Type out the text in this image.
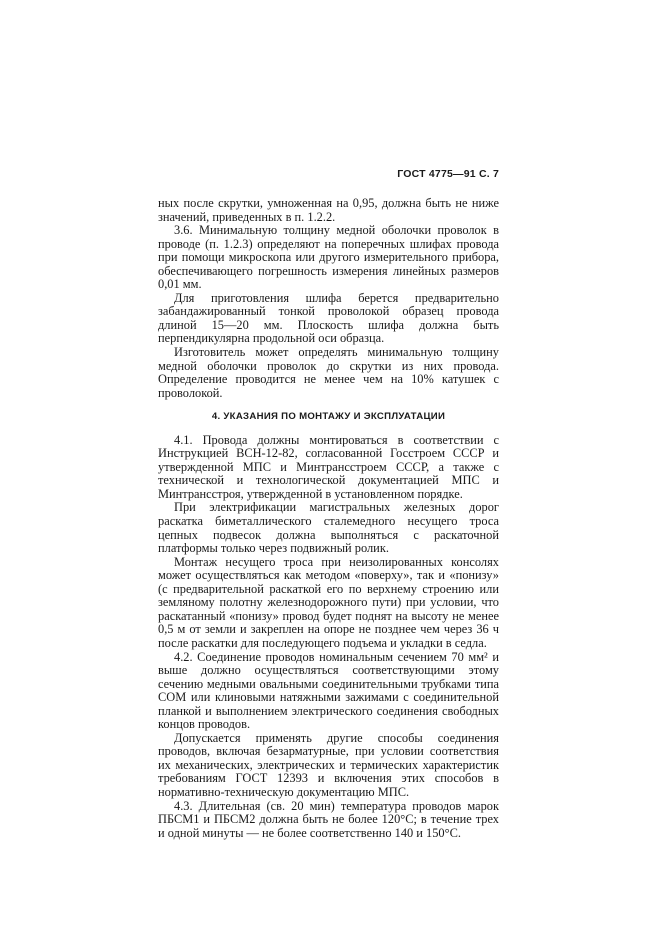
ГОСТ 4775—91 С. 7

ных после скрутки, умноженная на 0,95, должна быть не ниже значений, приведенных в п. 1.2.2.

3.6. Минимальную толщину медной оболочки проволок в проводе (п. 1.2.3) определяют на поперечных шлифах провода при помощи микроскопа или другого измерительного прибора, обеспечивающего погрешность измерения линейных размеров 0,01 мм.

Для приготовления шлифа берется предварительно забандажированный тонкой проволокой образец провода длиной 15—20 мм. Плоскость шлифа должна быть перпендикулярна продольной оси образца.

Изготовитель может определять минимальную толщину медной оболочки проволок до скрутки из них провода. Определение проводится не менее чем на 10% катушек с проволокой.

4. УКАЗАНИЯ ПО МОНТАЖУ И ЭКСПЛУАТАЦИИ

4.1. Провода должны монтироваться в соответствии с Инструкцией ВСН-12-82, согласованной Госстроем СССР и утвержденной МПС и Минтрансстроем СССР, а также с технической и технологической документацией МПС и Минтрансстроя, утвержденной в установленном порядке.

При электрификации магистральных железных дорог раскатка биметаллического сталемедного несущего троса цепных подвесок должна выполняться с раскаточной платформы только через подвижный ролик.

Монтаж несущего троса при неизолированных консолях может осуществляться как методом «поверху», так и «понизу» (с предварительной раскаткой его по верхнему строению или земляному полотну железнодорожного пути) при условии, что раскатанный «понизу» провод будет поднят на высоту не менее 0,5 м от земли и закреплен на опоре не позднее чем через 36 ч после раскатки для последующего подъема и укладки в седла.

4.2. Соединение проводов номинальным сечением 70 мм² и выше должно осуществляться соответствующими этому сечению медными овальными соединительными трубками типа СОМ или клиновыми натяжными зажимами с соединительной планкой и выполнением электрического соединения свободных концов проводов.

Допускается применять другие способы соединения проводов, включая безарматурные, при условии соответствия их механических, электрических и термических характеристик требованиям ГОСТ 12393 и включения этих способов в нормативно-техническую документацию МПС.

4.3. Длительная (св. 20 мин) температура проводов марок ПБСМ1 и ПБСМ2 должна быть не более 120°С; в течение трех и одной минуты — не более соответственно 140 и 150°С.
